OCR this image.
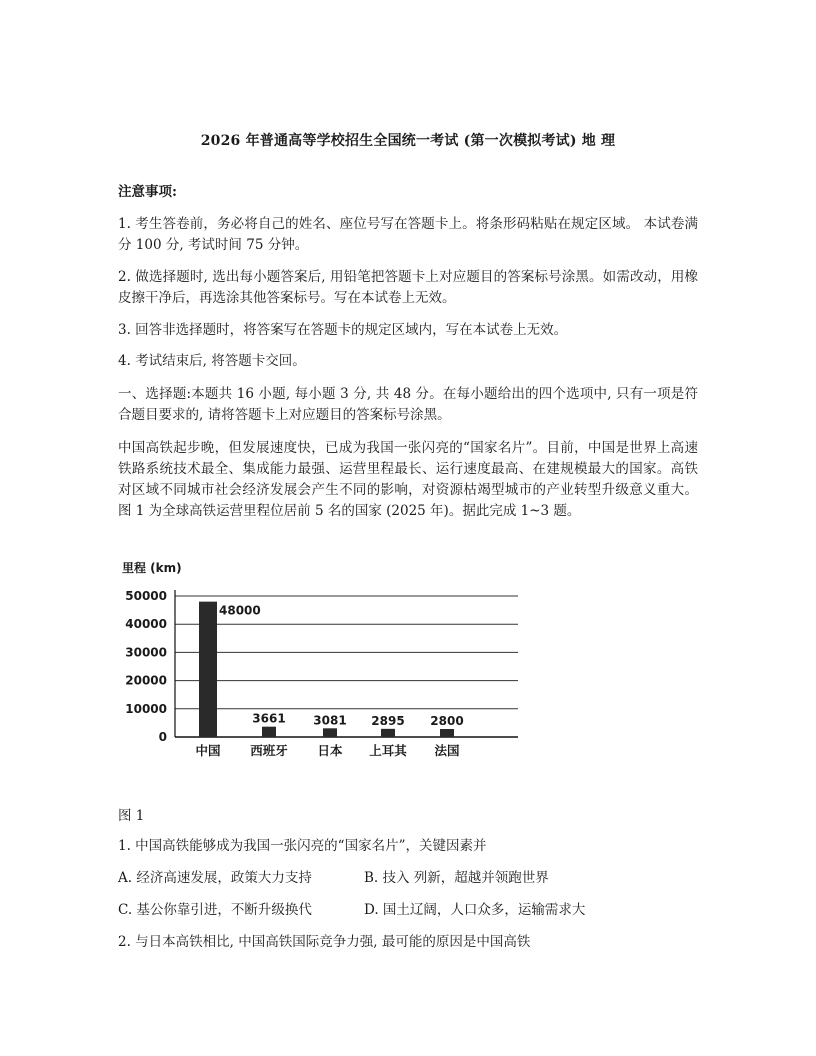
2026 年普通高等学校招生全国统一考试 (第一次模拟考试) 地 理
注意事项:
1. 考生答卷前，务必将自己的姓名、座位号写在答题卡上。将条形码粘贴在规定区域。 本试卷满分 100 分, 考试时间 75 分钟。
2. 做选择题时, 选出每小题答案后, 用铅笔把答题卡上对应题目的答案标号涂黑。如需改动，用橡皮擦干净后，再选涂其他答案标号。写在本试卷上无效。
3. 回答非选择题时，将答案写在答题卡的规定区域内，写在本试卷上无效。
4. 考试结束后, 将答题卡交回。
一、选择题:本题共 16 小题, 每小题 3 分, 共 48 分。在每小题给出的四个选项中, 只有一项是符合题目要求的, 请将答题卡上对应题目的答案标号涂黑。
中国高铁起步晚，但发展速度快，已成为我国一张闪亮的“国家名片”。目前，中国是世界上高速铁路系统技术最全、集成能力最强、运营里程最长、运行速度最高、在建规模最大的国家。高铁对区域不同城市社会经济发展会产生不同的影响，对资源枯竭型城市的产业转型升级意义重大。图 1 为全球高铁运营里程位居前 5 名的国家 (2025 年)。据此完成 1~3 题。
里程 (km)
50000
40000
30000
20000
10000
0
48000
中国
3661
西班牙
3081
日本
2895
上耳其
2800
法国
图 1
1. 中国高铁能够成为我国一张闪亮的“国家名片”，关键因素并
A. 经济高速发展，政策大力支持	B. 技入 列新，超越并领跑世界
C. 基公你靠引进，不断升级换代	D. 国土辽阔，人口众多，运输需求大
2. 与日本高铁相比, 中国高铁国际竞争力强, 最可能的原因是中国高铁
